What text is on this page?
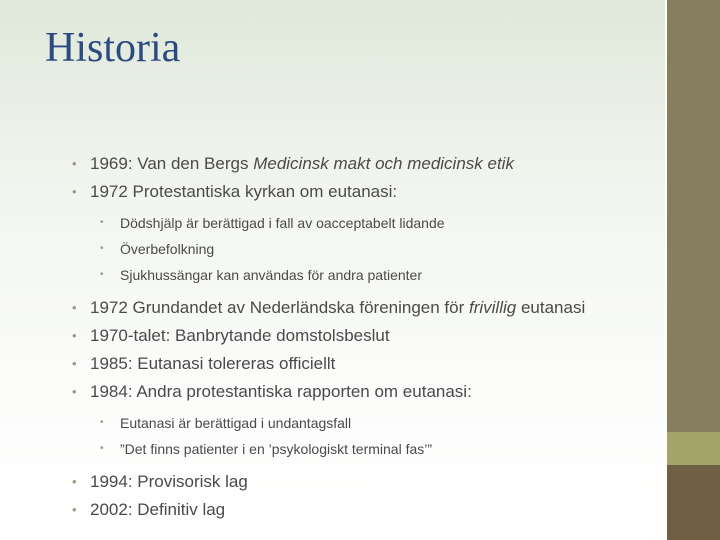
Historia
• 1969: Van den Bergs Medicinsk makt och medicinsk etik
• 1972 Protestantiska kyrkan om eutanasi:
• Dödshjälp är berättigad i fall av oacceptabelt lidande
• Överbefolkning
• Sjukhussängar kan användas för andra patienter
• 1972 Grundandet av Nederländska föreningen för frivillig eutanasi
• 1970-talet: Banbrytande domstolsbeslut
• 1985: Eutanasi tolereras officiellt
• 1984: Andra protestantiska rapporten om eutanasi:
• Eutanasi är berättigad i undantagsfall
• ”Det finns patienter i en ’psykologiskt terminal fas’”
• 1994: Provisorisk lag
• 2002: Definitiv lag
